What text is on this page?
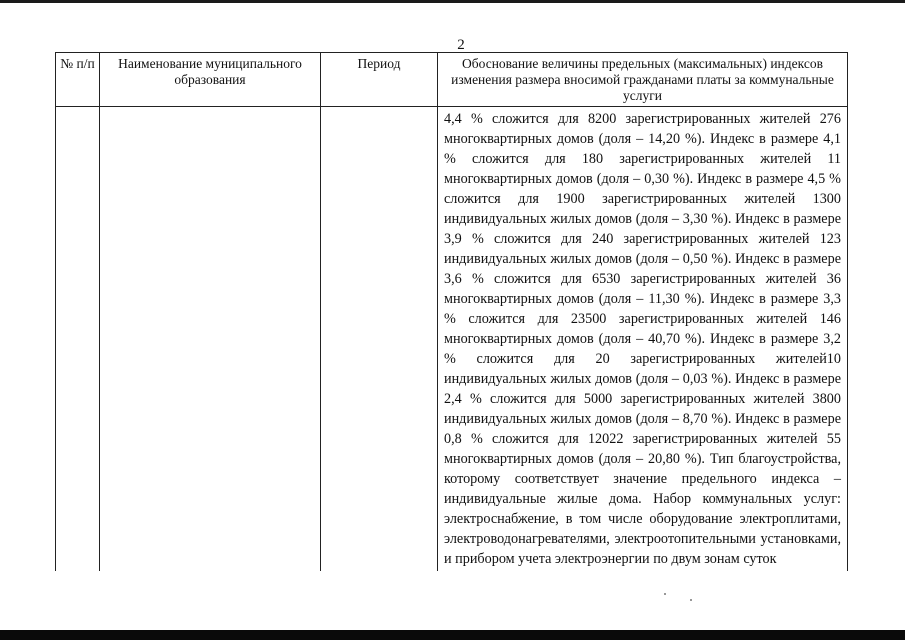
2
№ п/п	Наименование муниципального образования	Период	Обоснование величины предельных (максимальных) индексов изменения размера вносимой гражданами платы за коммунальные услуги

			4,4 % сложится для 8200 зарегистрированных жителей 276 многоквартирных домов (доля – 14,20 %). Индекс в размере 4,1 % сложится для 180 зарегистрированных жителей 11 многоквартирных домов (доля – 0,30 %). Индекс в размере 4,5 % сложится для 1900 зарегистрированных жителей 1300 индивидуальных жилых домов (доля – 3,30 %). Индекс в размере 3,9 % сложится для 240 зарегистрированных жителей 123 индивидуальных жилых домов (доля – 0,50 %). Индекс в размере 3,6 % сложится для 6530 зарегистрированных жителей 36 многоквартирных домов (доля – 11,30 %). Индекс в размере 3,3 % сложится для 23500 зарегистрированных жителей 146 многоквартирных домов (доля – 40,70 %). Индекс в размере 3,2 % сложится для 20 зарегистрированных жителей10 индивидуальных жилых домов (доля – 0,03 %). Индекс в размере 2,4 % сложится для 5000 зарегистрированных жителей 3800 индивидуальных жилых домов (доля – 8,70 %). Индекс в размере 0,8 % сложится для 12022 зарегистрированных жителей 55 многоквартирных домов (доля – 20,80 %). Тип благоустройства, которому соответствует значение предельного индекса – индивидуальные жилые дома. Набор коммунальных услуг: электроснабжение, в том числе оборудование электроплитами, электроводонагревателями, электроотопительными установками, и прибором учета электроэнергии по двум зонам суток
